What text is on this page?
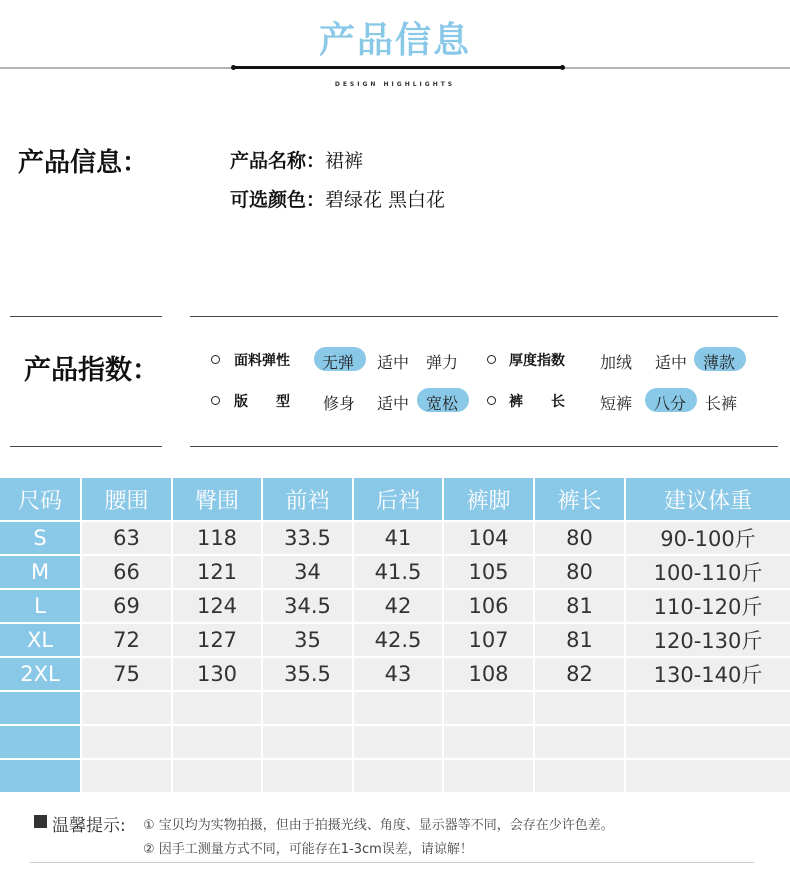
产品信息
DESIGN HIGHLIGHTS
产品信息：	产品名称：裙裤
可选颜色：碧绿花 黑白花
产品指数：	面料弹性 无弹 适中 弹力	厚度指数 加绒 适中 薄款
版　　型 修身 适中 宽松	裤　　长 短裤 八分 长裤
尺码	腰围	臀围	前裆	后裆	裤脚	裤长	建议体重
S	63	118	33.5	41	104	80	90-100斤
M	66	121	34	41.5	105	80	100-110斤
L	69	124	34.5	42	106	81	110-120斤
XL	72	127	35	42.5	107	81	120-130斤
2XL	75	130	35.5	43	108	82	130-140斤
温馨提示: ① 宝贝均为实物拍摄，但由于拍摄光线、角度、显示器等不同，会存在少许色差。
② 因手工测量方式不同，可能存在1-3cm误差，请谅解！
